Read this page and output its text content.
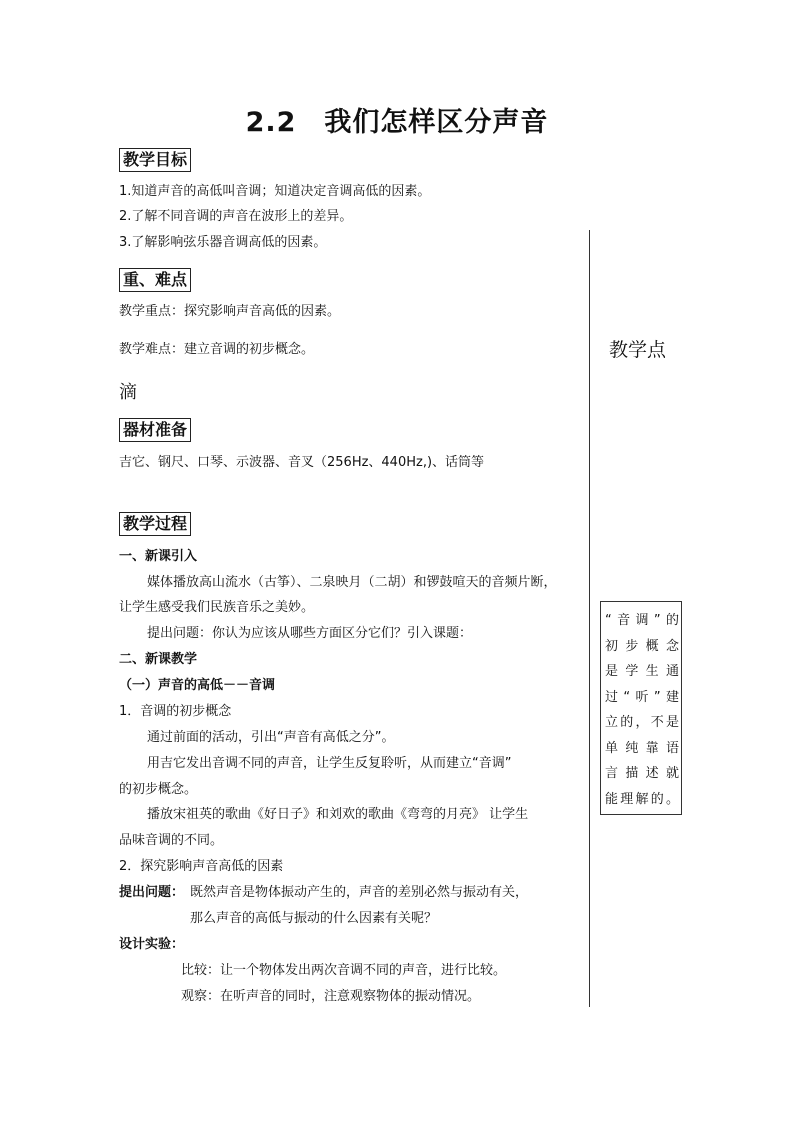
2.2　我们怎样区分声音
教学目标
1.知道声音的高低叫音调；知道决定音调高低的因素。
2.了解不同音调的声音在波形上的差异。
3.了解影响弦乐器音调高低的因素。
重、难点
教学重点：探究影响声音高低的因素。
教学难点：建立音调的初步概念。
滴
器材准备
吉它、钢尺、口琴、示波器、音叉（256Hz、440Hz,)、话筒等
教学过程
一、新课引入
媒体播放高山流水（古筝）、二泉映月（二胡）和锣鼓喧天的音频片断，
让学生感受我们民族音乐之美妙。
提出问题：你认为应该从哪些方面区分它们？引入课题：
二、新课教学
（一）声音的高低－－音调
1．音调的初步概念
通过前面的活动，引出“声音有高低之分”。
用吉它发出音调不同的声音，让学生反复聆听，从而建立“音调”
的初步概念。
播放宋祖英的歌曲《好日子》和刘欢的歌曲《弯弯的月亮》 让学生
品味音调的不同。
2．探究影响声音高低的因素
提出问题： 既然声音是物体振动产生的，声音的差别必然与振动有关，
那么声音的高低与振动的什么因素有关呢？
设计实验：
比较：让一个物体发出两次音调不同的声音，进行比较。
观察：在听声音的同时，注意观察物体的振动情况。
教学点
“音调”的
初步概念
是学生通
过“听”建
立的，不是
单纯靠语
言描述就
能理解的。
